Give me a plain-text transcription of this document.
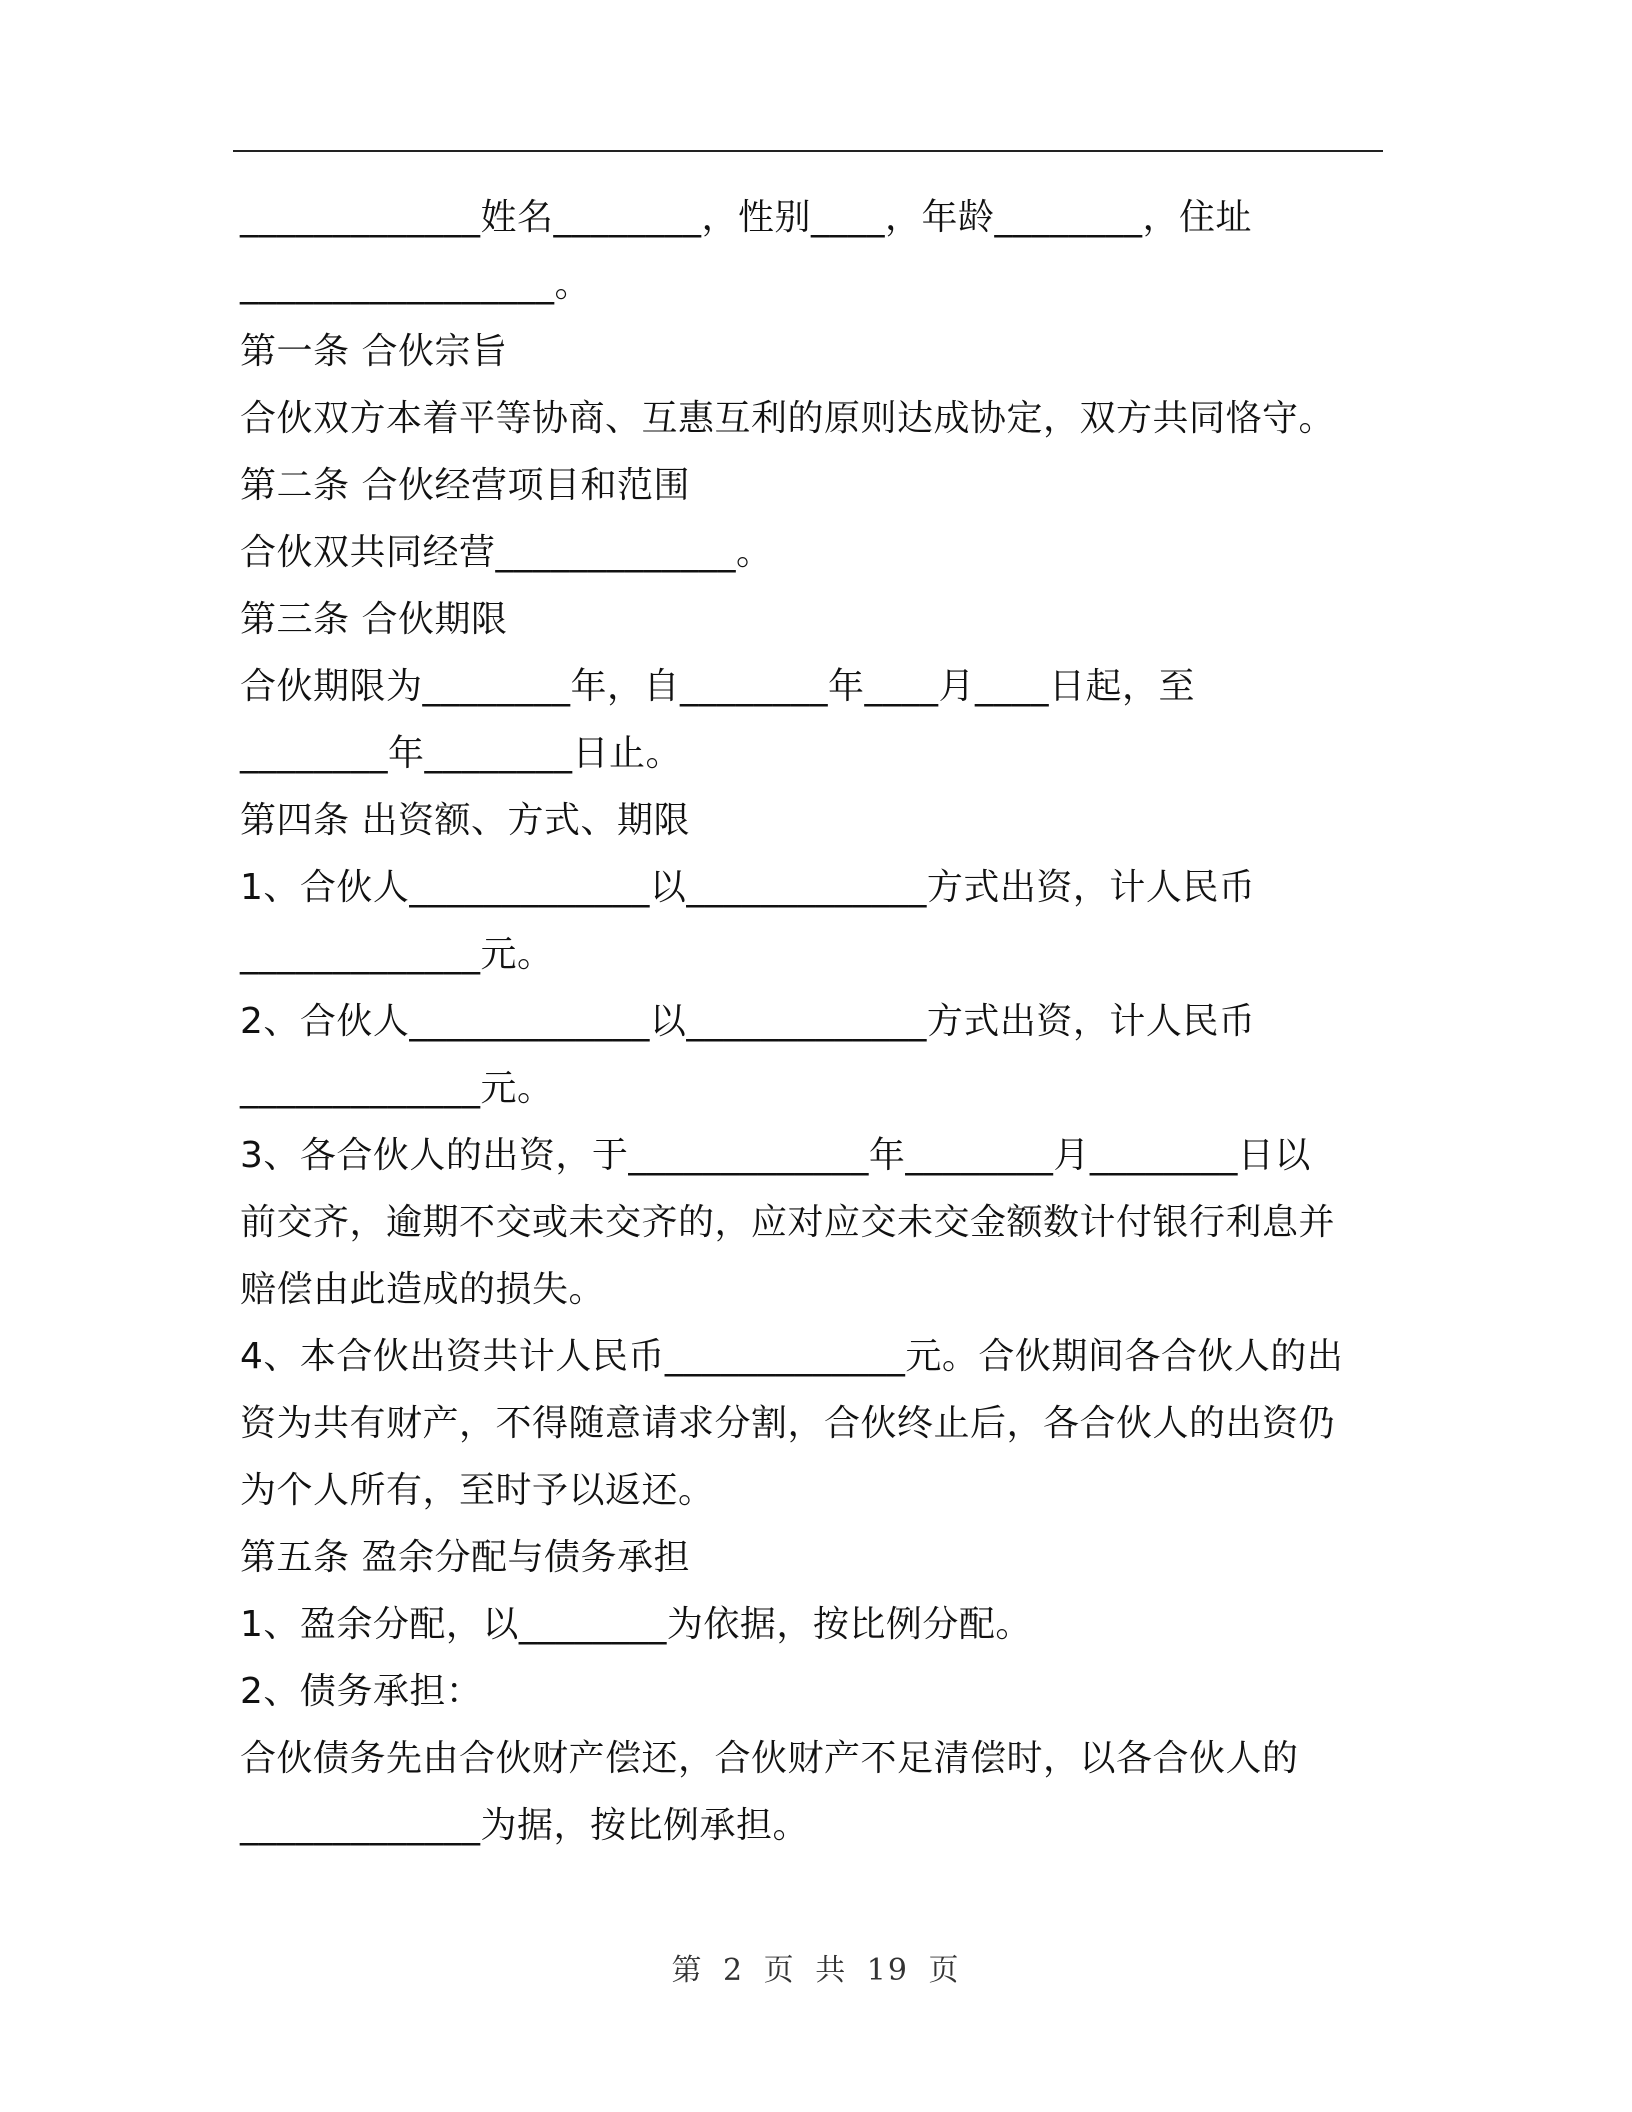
_____________姓名________，性别____，年龄________，住址
_________________。
第一条 合伙宗旨
合伙双方本着平等协商、互惠互利的原则达成协定，双方共同恪守。
第二条 合伙经营项目和范围
合伙双共同经营_____________。
第三条 合伙期限
合伙期限为________年，自________年____月____日起，至
________年________日止。
第四条 出资额、方式、期限
1、合伙人_____________以_____________方式出资，计人民币
_____________元。
2、合伙人_____________以_____________方式出资，计人民币
_____________元。
3、各合伙人的出资，于_____________年________月________日以
前交齐，逾期不交或未交齐的，应对应交未交金额数计付银行利息并
赔偿由此造成的损失。
4、本合伙出资共计人民币_____________元。合伙期间各合伙人的出
资为共有财产，不得随意请求分割，合伙终止后，各合伙人的出资仍
为个人所有，至时予以返还。
第五条 盈余分配与债务承担
1、盈余分配，以________为依据，按比例分配。
2、债务承担：
合伙债务先由合伙财产偿还，合伙财产不足清偿时，以各合伙人的
_____________为据，按比例承担。
第 2 页 共 19 页
